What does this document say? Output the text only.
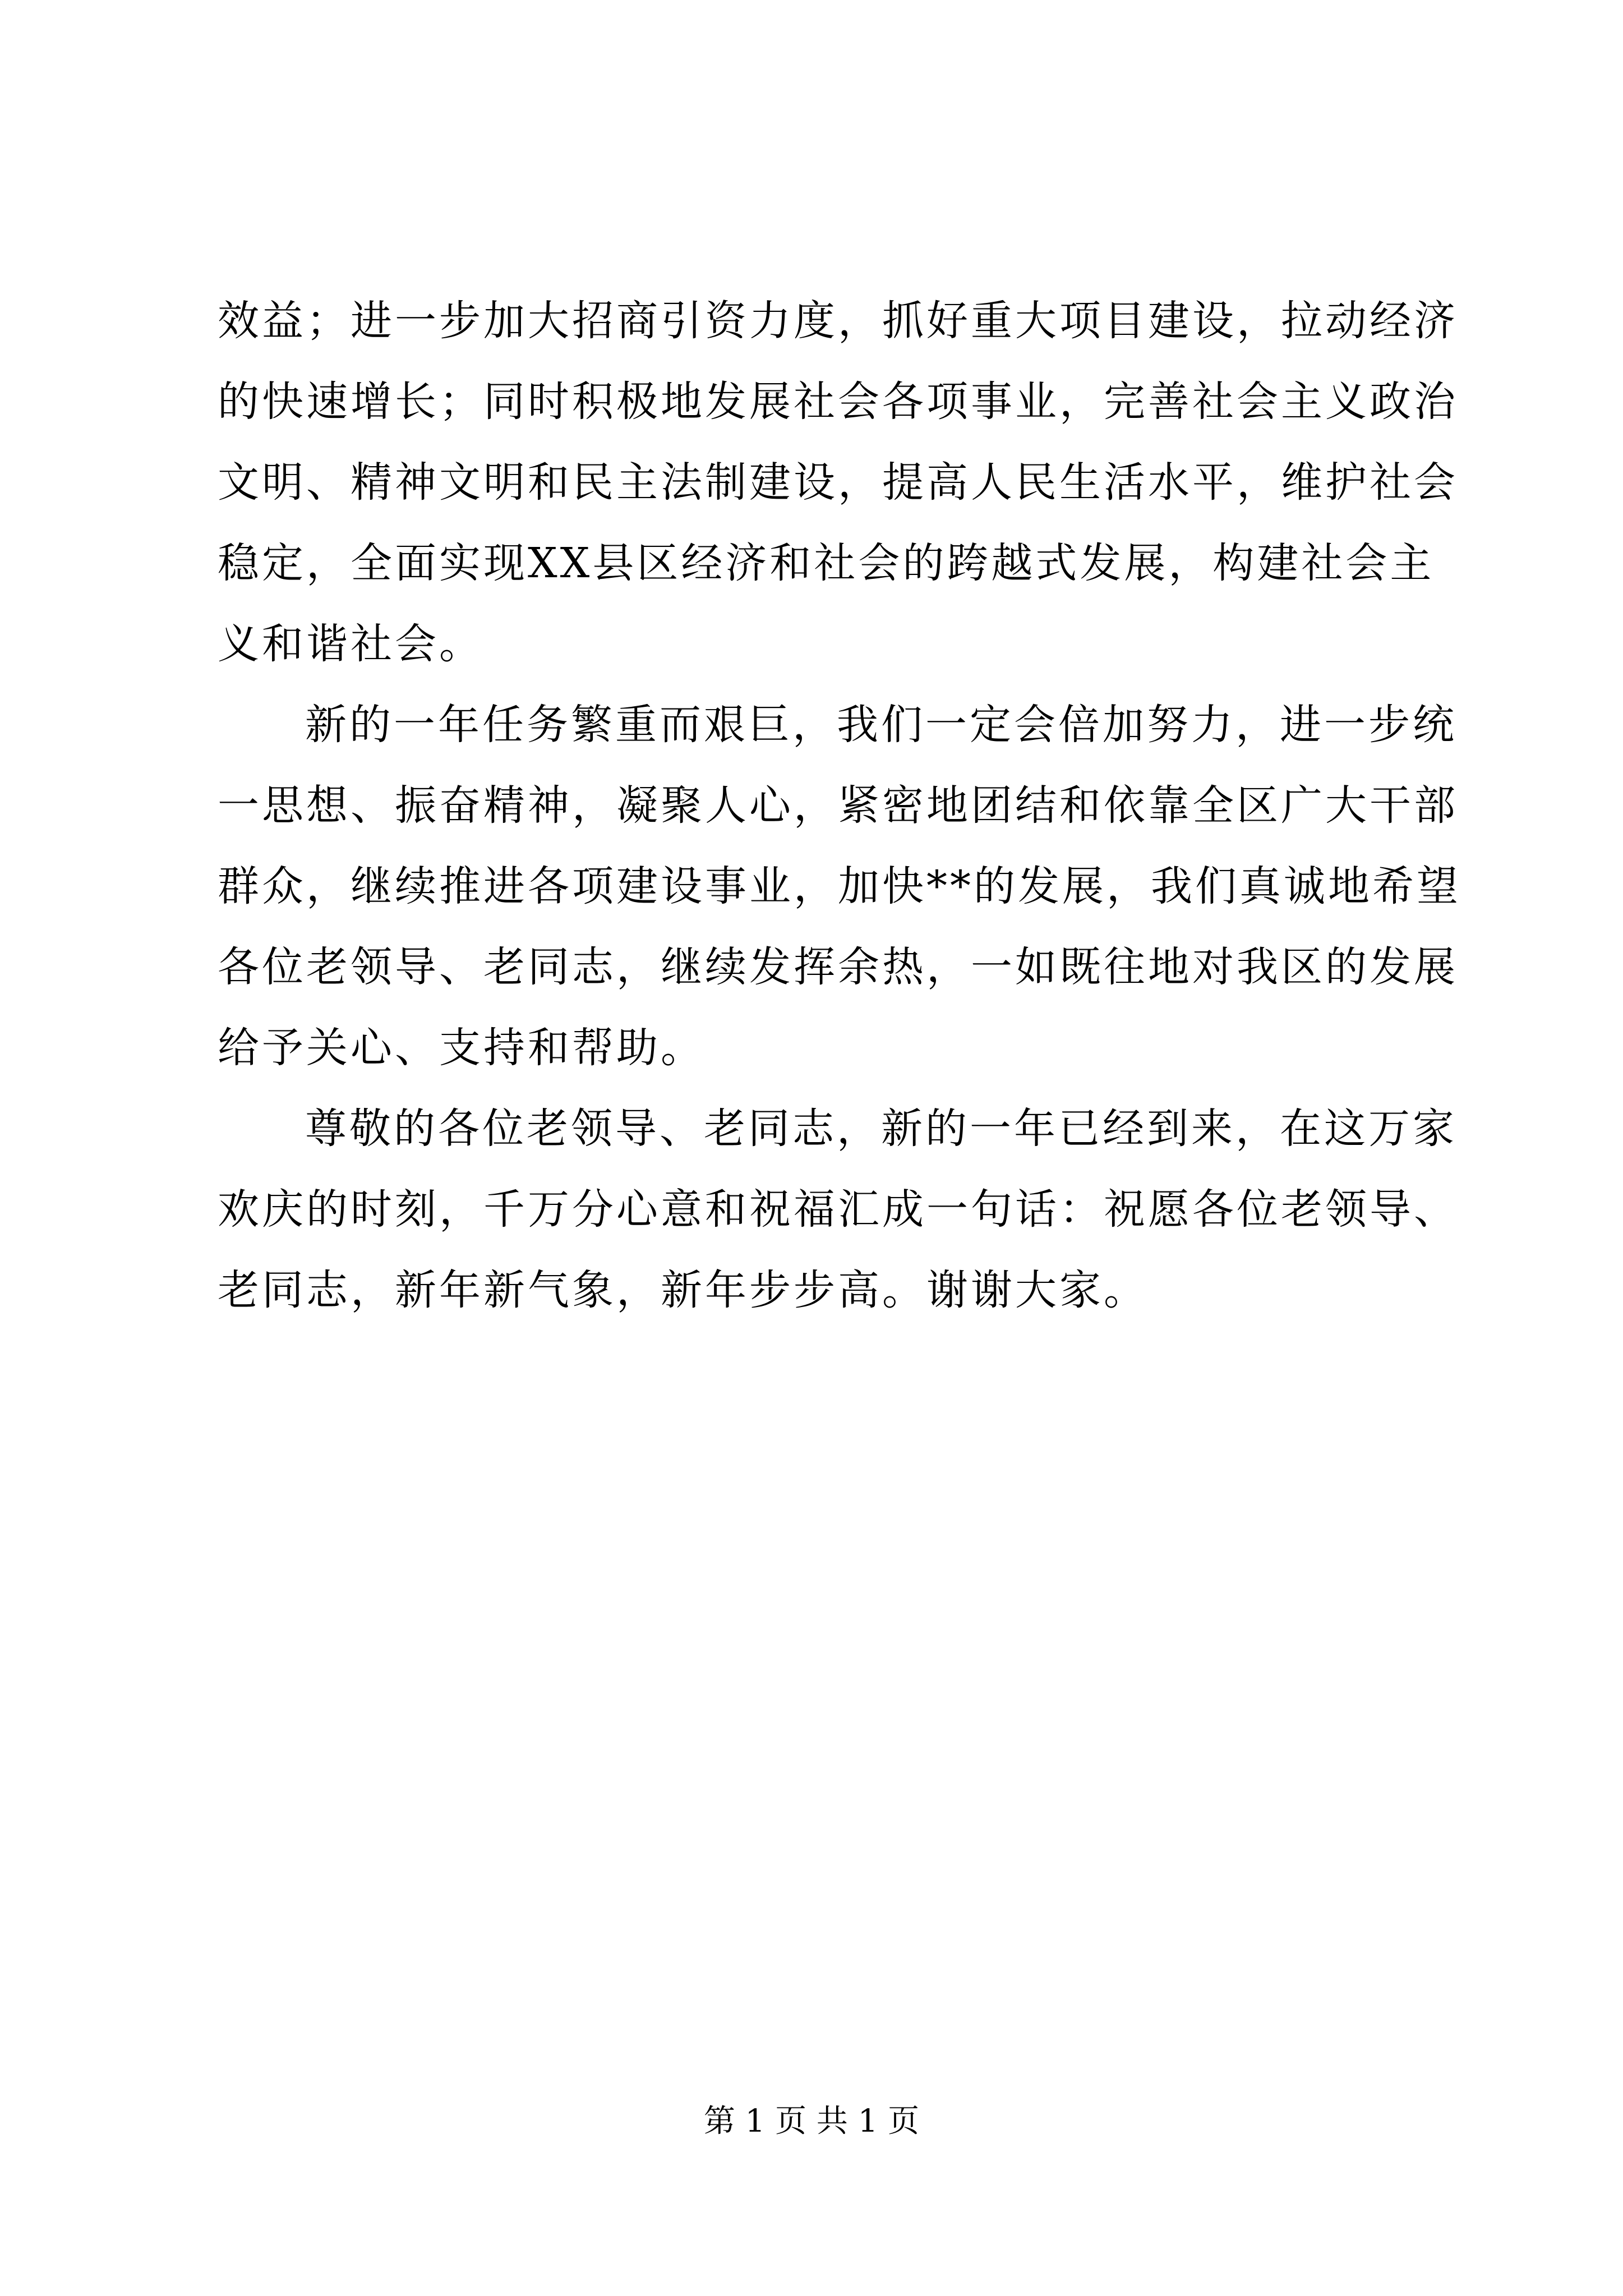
效益；进一步加大招商引资力度，抓好重大项目建设，拉动经济
的快速增长；同时积极地发展社会各项事业，完善社会主义政治
文明、精神文明和民主法制建设，提高人民生活水平，维护社会
稳定，全面实现XX县区经济和社会的跨越式发展，构建社会主
义和谐社会。
新的一年任务繁重而艰巨，我们一定会倍加努力，进一步统
一思想、振奋精神，凝聚人心，紧密地团结和依靠全区广大干部
群众，继续推进各项建设事业，加快**的发展，我们真诚地希望
各位老领导、老同志，继续发挥余热，一如既往地对我区的发展
给予关心、支持和帮助。
尊敬的各位老领导、老同志，新的一年已经到来，在这万家
欢庆的时刻，千万分心意和祝福汇成一句话：祝愿各位老领导、
老同志，新年新气象，新年步步高。谢谢大家。
第 1 页 共 1 页
